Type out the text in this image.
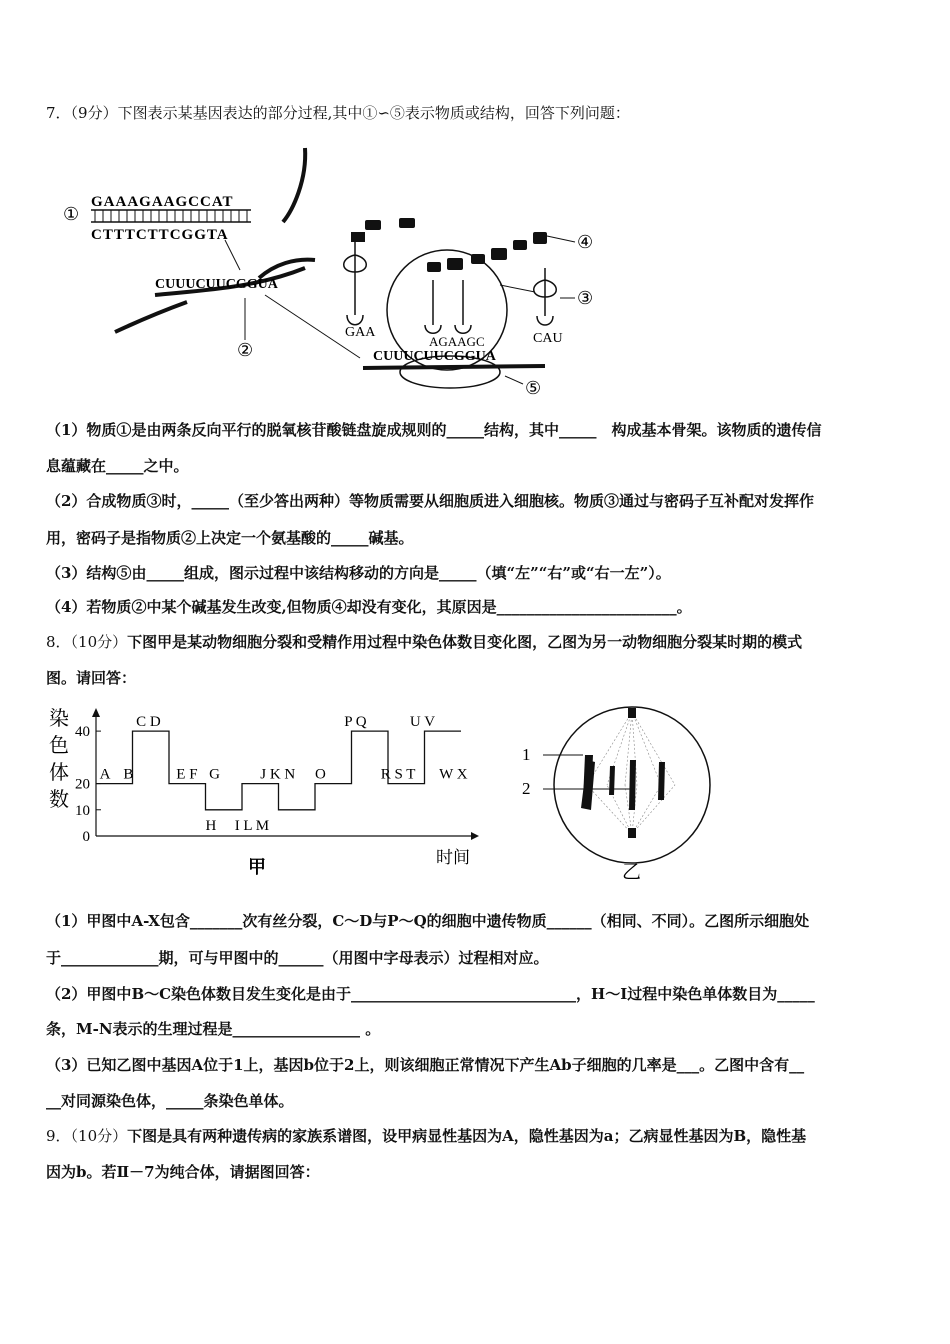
7．（9分）下图表示某基因表达的部分过程,其中①∽⑤表示物质或结构，回答下列问题：
①
GAAAGAAGCCAT
CTTTCTTCGGTA
CUUUCUUCGGUA
②	CUUUCUUCGGUA
⑤
GAA
AGAAGC	CAU
③
④
（1）物质①是由两条反向平行的脱氧核苷酸链盘旋成规则的_____结构，其中_____　构成基本骨架。该物质的遗传信
息蕴藏在_____之中。
（2）合成物质③时，_____（至少答出两种）等物质需要从细胞质进入细胞核。物质③通过与密码子互补配对发挥作
用，密码子是指物质②上决定一个氨基酸的_____碱基。
（3）结构⑤由_____组成，图示过程中该结构移动的方向是_____（填“左”“右”或“右一左”）。
（4）若物质②中某个碱基发生改变,但物质④却没有变化，其原因是________________________。
8．（10分）下图甲是某动物细胞分裂和受精作用过程中染色体数目变化图，乙图为另一动物细胞分裂某时期的模式
图。请回答：
染
色
体
数
0
10
20
40
A B
C D
E F G	J K N O
P Q
R S T
U V
W X
H I L M
时间
甲
1
2
乙
（1）甲图中A-X包含_______次有丝分裂，C～D与P～Q的细胞中遗传物质______（相同、不同）。乙图所示细胞处
于_____________期，可与甲图中的______（用图中字母表示）过程相对应。
（2）甲图中B～C染色体数目发生变化是由于______________________________，H～I过程中染色单体数目为_____
条，M-N表示的生理过程是_________________ 。
（3）已知乙图中基因A位于1上，基因b位于2上，则该细胞正常情况下产生Ab子细胞的几率是___。乙图中含有__
__对同源染色体，_____条染色单体。
9．（10分）下图是具有两种遗传病的家族系谱图，设甲病显性基因为A，隐性基因为a；乙病显性基因为B，隐性基
因为b。若Ⅱ－7为纯合体，请据图回答：
